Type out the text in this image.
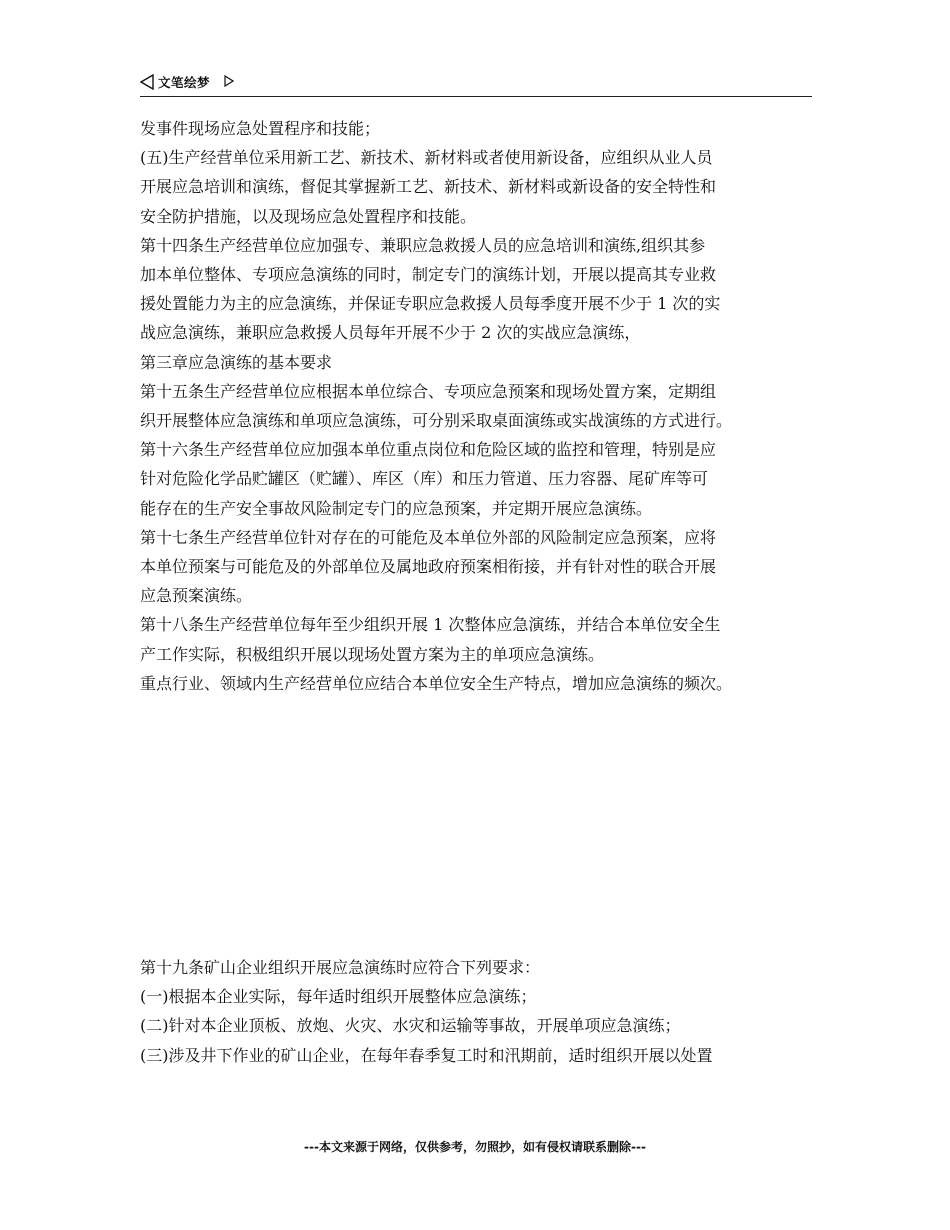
文笔绘梦

发事件现场应急处置程序和技能；

(五)生产经营单位采用新工艺、新技术、新材料或者使用新设备，应组织从业人员
开展应急培训和演练，督促其掌握新工艺、新技术、新材料或新设备的安全特性和
安全防护措施，以及现场应急处置程序和技能。

第十四条生产经营单位应加强专、兼职应急救援人员的应急培训和演练,组织其参
加本单位整体、专项应急演练的同时，制定专门的演练计划，开展以提高其专业救
援处置能力为主的应急演练，并保证专职应急救援人员每季度开展不少于 1 次的实
战应急演练，兼职应急救援人员每年开展不少于 2 次的实战应急演练，

第三章应急演练的基本要求

第十五条生产经营单位应根据本单位综合、专项应急预案和现场处置方案，定期组
织开展整体应急演练和单项应急演练，可分别采取桌面演练或实战演练的方式进行。

第十六条生产经营单位应加强本单位重点岗位和危险区域的监控和管理，特别是应
针对危险化学品贮罐区（贮罐）、库区（库）和压力管道、压力容器、尾矿库等可
能存在的生产安全事故风险制定专门的应急预案，并定期开展应急演练。

第十七条生产经营单位针对存在的可能危及本单位外部的风险制定应急预案，应将
本单位预案与可能危及的外部单位及属地政府预案相衔接，并有针对性的联合开展
应急预案演练。

第十八条生产经营单位每年至少组织开展 1 次整体应急演练，并结合本单位安全生
产工作实际，积极组织开展以现场处置方案为主的单项应急演练。

重点行业、领域内生产经营单位应结合本单位安全生产特点，增加应急演练的频次。

第十九条矿山企业组织开展应急演练时应符合下列要求：

(一)根据本企业实际，每年适时组织开展整体应急演练；

(二)针对本企业顶板、放炮、火灾、水灾和运输等事故，开展单项应急演练；

(三)涉及井下作业的矿山企业，在每年春季复工时和汛期前，适时组织开展以处置

---本文来源于网络，仅供参考，勿照抄，如有侵权请联系删除---
